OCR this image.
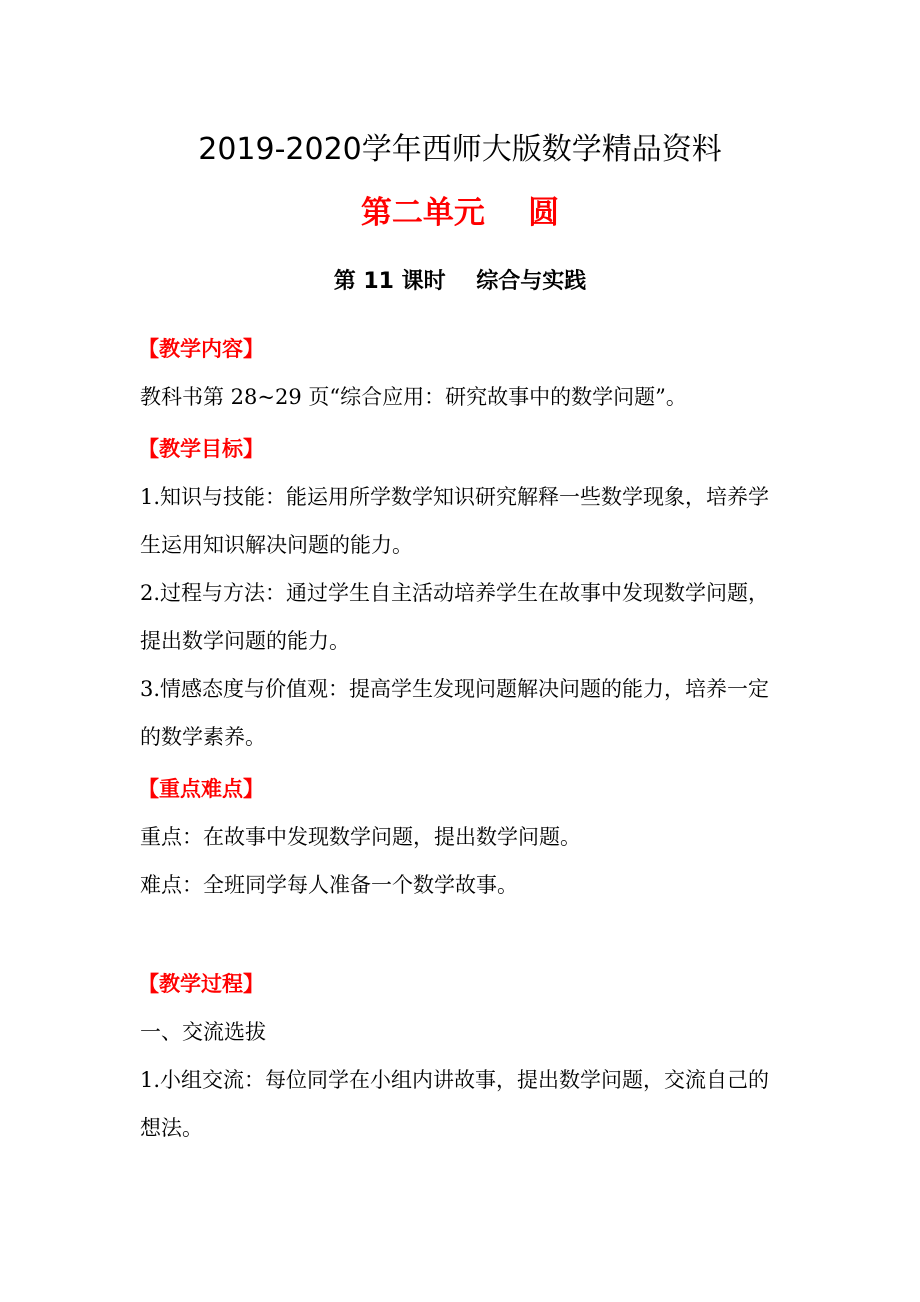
2019-2020学年西师大版数学精品资料
第二单元    圆
第 11 课时    综合与实践
【教学内容】
教科书第 28~29 页“综合应用：研究故事中的数学问题”。
【教学目标】
1.知识与技能：能运用所学数学知识研究解释一些数学现象，培养学
生运用知识解决问题的能力。
2.过程与方法：通过学生自主活动培养学生在故事中发现数学问题，
提出数学问题的能力。
3.情感态度与价值观：提高学生发现问题解决问题的能力，培养一定
的数学素养。
【重点难点】
重点：在故事中发现数学问题，提出数学问题。
难点：全班同学每人准备一个数学故事。
【教学过程】
一、交流选拔
1.小组交流：每位同学在小组内讲故事，提出数学问题，交流自己的
想法。
